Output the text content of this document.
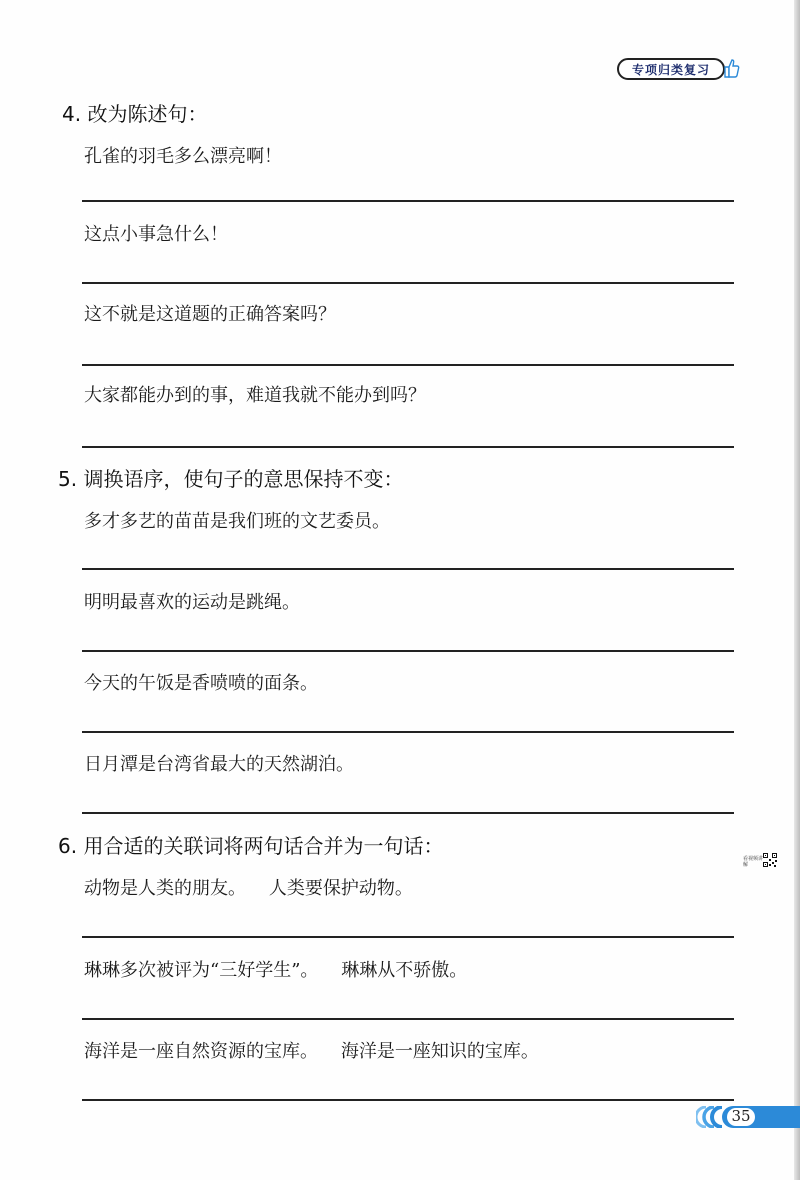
专项归类复习
4. 改为陈述句：
孔雀的羽毛多么漂亮啊！
这点小事急什么！
这不就是这道题的正确答案吗？
大家都能办到的事，难道我就不能办到吗？
5. 调换语序，使句子的意思保持不变：
多才多艺的苗苗是我们班的文艺委员。
明明最喜欢的运动是跳绳。
今天的午饭是香喷喷的面条。
日月潭是台湾省最大的天然湖泊。
6. 用合适的关联词将两句话合并为一句话：
动物是人类的朋友。    人类要保护动物。
琳琳多次被评为“三好学生”。    琳琳从不骄傲。
海洋是一座自然资源的宝库。    海洋是一座知识的宝库。
看视频讲解
35
